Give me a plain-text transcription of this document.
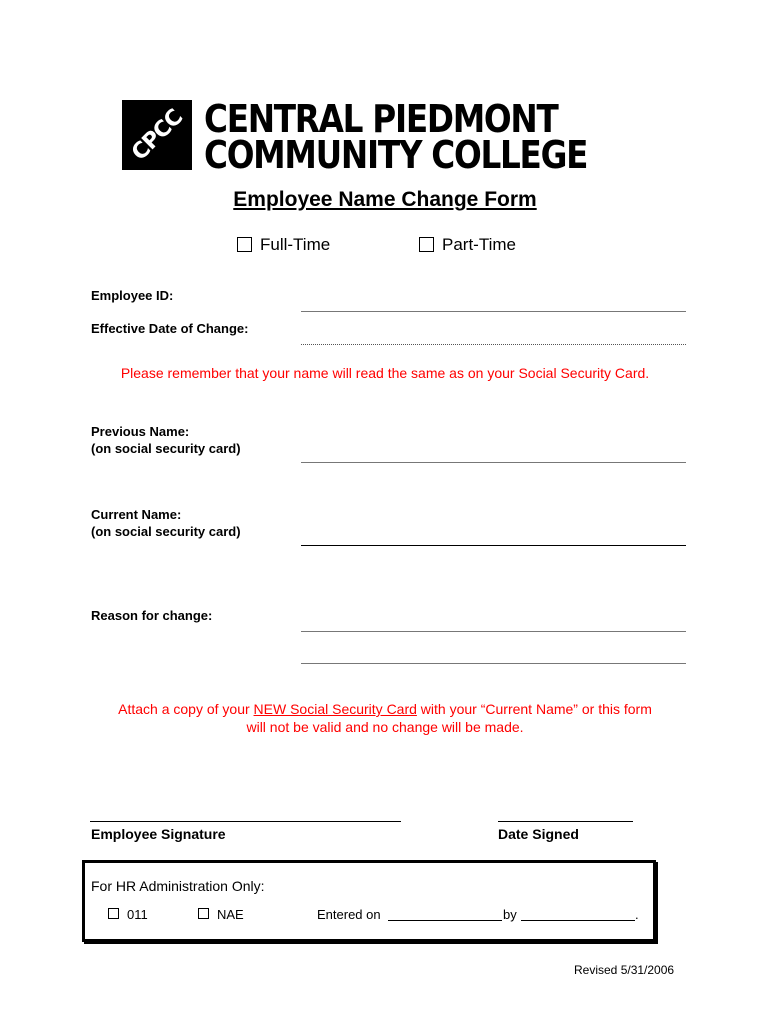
CPCC CENTRAL PIEDMONT
COMMUNITY COLLEGE
Employee Name Change Form
Full-Time	Part-Time
Employee ID:
Effective Date of Change:
Please remember that your name will read the same as on your Social Security Card.
Previous Name:
(on social security card)
Current Name:
(on social security card)
Reason for change:
Attach a copy of your NEW Social Security Card with your “Current Name” or this form
will not be valid and no change will be made.
Employee Signature	Date Signed
For HR Administration Only:
011	NAE	Entered on	by	.
Revised 5/31/2006
